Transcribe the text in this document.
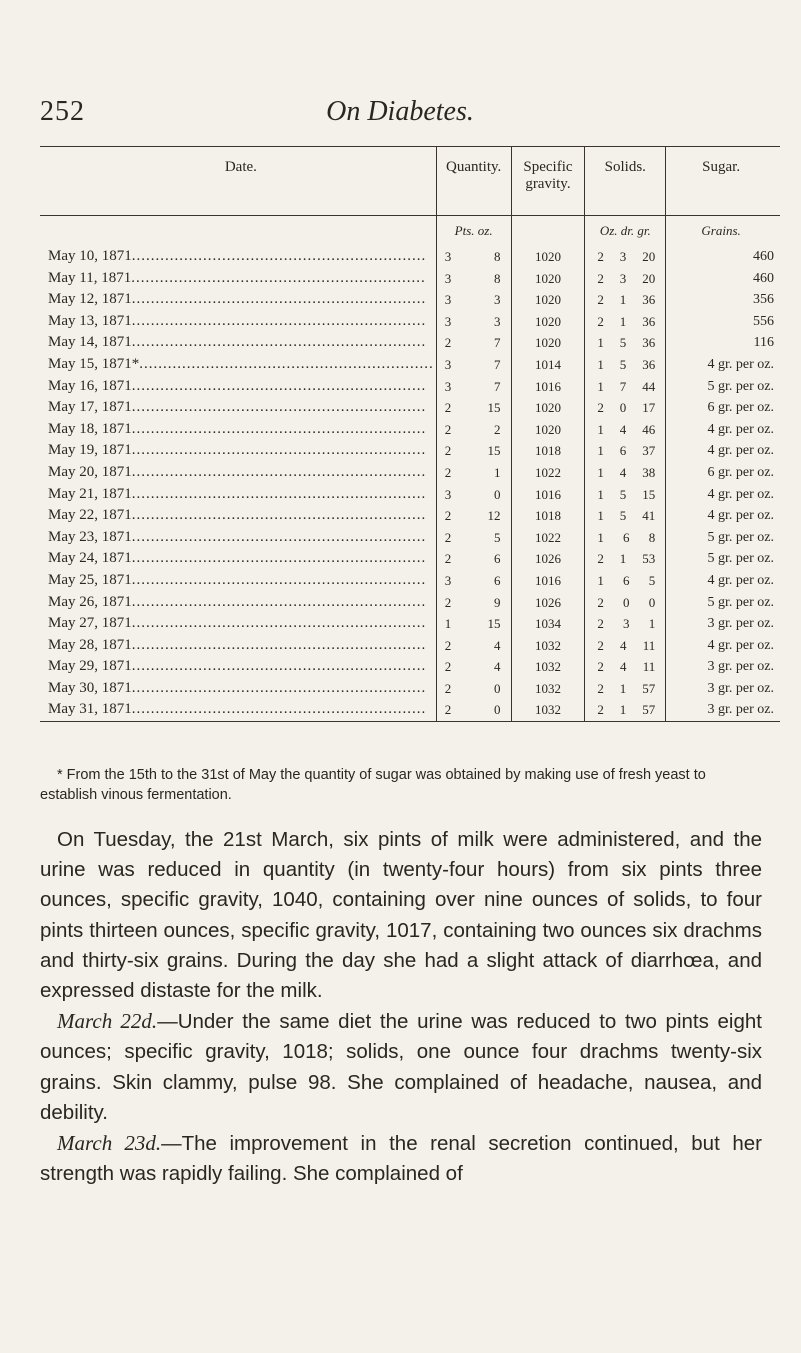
252	On Diabetes.
Date.	Quantity.	Specific gravity.	Solids.	Sugar.
	Pts. oz.		Oz. dr. gr.	Grains.
May 10, 1871..............................................................	3 8	1020	2 3 20	460
May 11, 1871..............................................................	3 8	1020	2 3 20	460
May 12, 1871..............................................................	3 3	1020	2 1 36	356
May 13, 1871..............................................................	3 3	1020	2 1 36	556
May 14, 1871..............................................................	2 7	1020	1 5 36	116
May 15, 1871*..............................................................	3 7	1014	1 5 36	4 gr. per oz.
May 16, 1871..............................................................	3 7	1016	1 7 44	5 gr. per oz.
May 17, 1871..............................................................	2 15	1020	2 0 17	6 gr. per oz.
May 18, 1871..............................................................	2 2	1020	1 4 46	4 gr. per oz.
May 19, 1871..............................................................	2 15	1018	1 6 37	4 gr. per oz.
May 20, 1871..............................................................	2 1	1022	1 4 38	6 gr. per oz.
May 21, 1871..............................................................	3 0	1016	1 5 15	4 gr. per oz.
May 22, 1871..............................................................	2 12	1018	1 5 41	4 gr. per oz.
May 23, 1871..............................................................	2 5	1022	1 6 8	5 gr. per oz.
May 24, 1871..............................................................	2 6	1026	2 1 53	5 gr. per oz.
May 25, 1871..............................................................	3 6	1016	1 6 5	4 gr. per oz.
May 26, 1871..............................................................	2 9	1026	2 0 0	5 gr. per oz.
May 27, 1871..............................................................	1 15	1034	2 3 1	3 gr. per oz.
May 28, 1871..............................................................	2 4	1032	2 4 11	4 gr. per oz.
May 29, 1871..............................................................	2 4	1032	2 4 11	3 gr. per oz.
May 30, 1871..............................................................	2 0	1032	2 1 57	3 gr. per oz.
May 31, 1871..............................................................	2 0	1032	2 1 57	3 gr. per oz.
* From the 15th to the 31st of May the quantity of sugar was obtained by making use of fresh yeast to establish vinous fermentation.

On Tuesday, the 21st March, six pints of milk were administered, and the urine was reduced in quantity (in twenty-four hours) from six pints three ounces, specific gravity, 1040, containing over nine ounces of solids, to four pints thirteen ounces, specific gravity, 1017, containing two ounces six drachms and thirty-six grains. During the day she had a slight attack of diarrhœa, and expressed distaste for the milk.

March 22d.—Under the same diet the urine was reduced to two pints eight ounces; specific gravity, 1018; solids, one ounce four drachms twenty-six grains. Skin clammy, pulse 98. She complained of headache, nausea, and debility.

March 23d.—The improvement in the renal secretion continued, but her strength was rapidly failing. She complained of
